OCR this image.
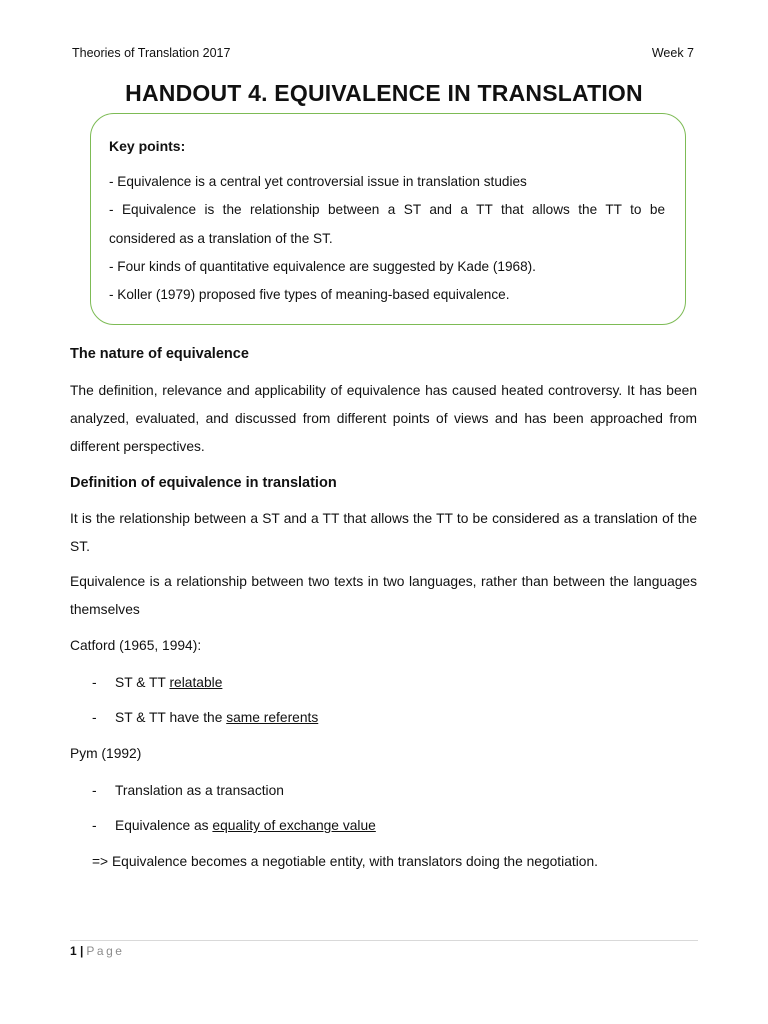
Theories of Translation 2017	Week 7
HANDOUT 4. EQUIVALENCE IN TRANSLATION
Key points:
- Equivalence is a central yet controversial issue in translation studies
- Equivalence is the relationship between a ST and a TT that allows the TT to be
considered as a translation of the ST.
- Four kinds of quantitative equivalence are suggested by Kade (1968).
- Koller (1979) proposed five types of meaning-based equivalence.
The nature of equivalence
The definition, relevance and applicability of equivalence has caused heated controversy. It has been analyzed, evaluated, and discussed from different points of views and has been approached from different perspectives.
Definition of equivalence in translation
It is the relationship between a ST and a TT that allows the TT to be considered as a translation of the ST.
Equivalence is a relationship between two texts in two languages, rather than between the languages themselves
Catford (1965, 1994):
- ST & TT relatable
- ST & TT have the same referents
Pym (1992)
- Translation as a transaction
- Equivalence as equality of exchange value
=> Equivalence becomes a negotiable entity, with translators doing the negotiation.
1 | Page
